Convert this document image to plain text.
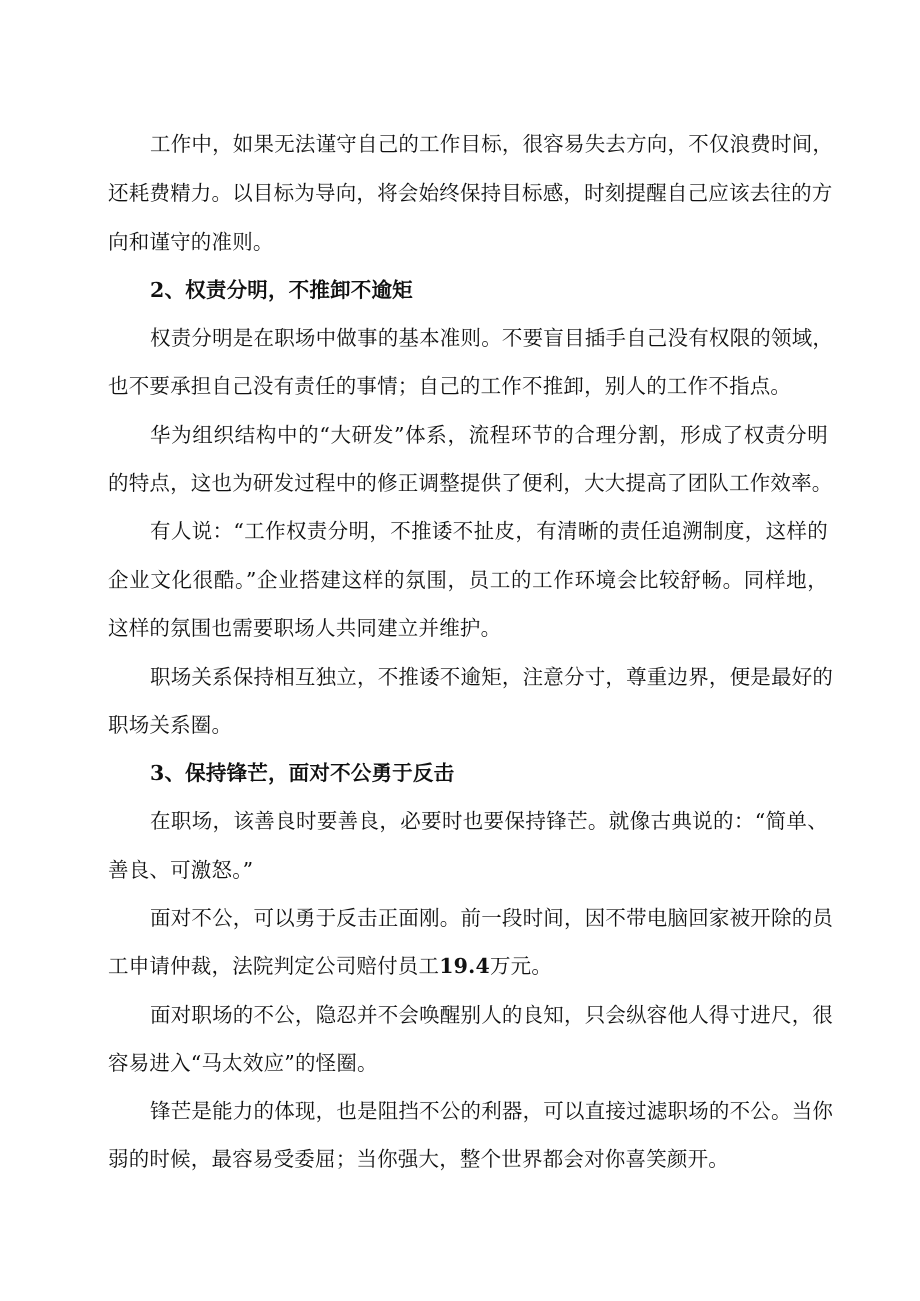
工作中，如果无法谨守自己的工作目标，很容易失去方向，不仅浪费时间，
还耗费精力。以目标为导向，将会始终保持目标感，时刻提醒自己应该去往的方
向和谨守的准则。
2、权责分明，不推卸不逾矩
权责分明是在职场中做事的基本准则。不要盲目插手自己没有权限的领域，
也不要承担自己没有责任的事情；自己的工作不推卸，别人的工作不指点。
华为组织结构中的“大研发”体系，流程环节的合理分割，形成了权责分明
的特点，这也为研发过程中的修正调整提供了便利，大大提高了团队工作效率。
有人说：“工作权责分明，不推诿不扯皮，有清晰的责任追溯制度，这样的
企业文化很酷。”企业搭建这样的氛围，员工的工作环境会比较舒畅。同样地，
这样的氛围也需要职场人共同建立并维护。
职场关系保持相互独立，不推诿不逾矩，注意分寸，尊重边界，便是最好的
职场关系圈。
3、保持锋芒，面对不公勇于反击
在职场，该善良时要善良，必要时也要保持锋芒。就像古典说的：“简单、
善良、可激怒。”
面对不公，可以勇于反击正面刚。前一段时间，因不带电脑回家被开除的员
工申请仲裁，法院判定公司赔付员工19.4万元。
面对职场的不公，隐忍并不会唤醒别人的良知，只会纵容他人得寸进尺，很
容易进入“马太效应”的怪圈。
锋芒是能力的体现，也是阻挡不公的利器，可以直接过滤职场的不公。当你
弱的时候，最容易受委屈；当你强大，整个世界都会对你喜笑颜开。
